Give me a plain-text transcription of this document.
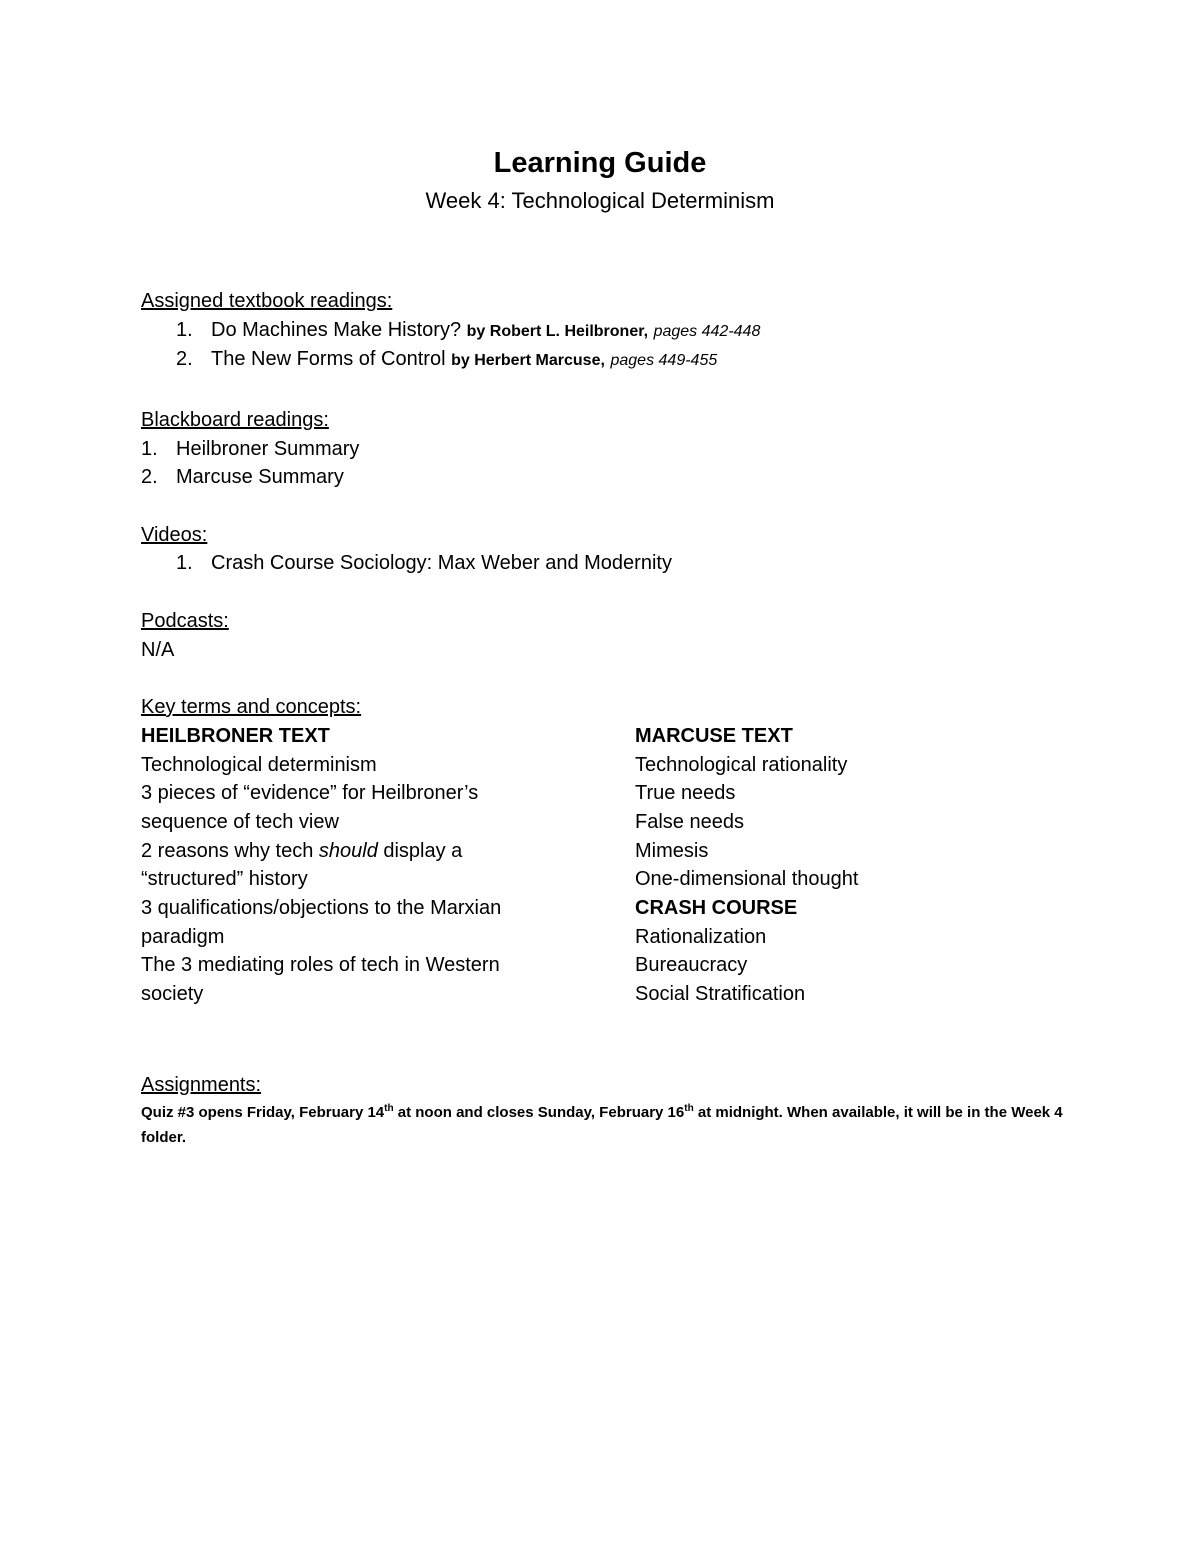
Learning Guide
Week 4: Technological Determinism
Assigned textbook readings:
1. Do Machines Make History? by Robert L. Heilbroner, pages 442-448
2. The New Forms of Control by Herbert Marcuse, pages 449-455
Blackboard readings:
1. Heilbroner Summary
2. Marcuse Summary
Videos:
1. Crash Course Sociology: Max Weber and Modernity
Podcasts:
N/A
Key terms and concepts:
HEILBRONER TEXT
Technological determinism
3 pieces of “evidence” for Heilbroner’s
sequence of tech view
2 reasons why tech should display a
“structured” history
3 qualifications/objections to the Marxian
paradigm
The 3 mediating roles of tech in Western
society
MARCUSE TEXT
Technological rationality
True needs
False needs
Mimesis
One-dimensional thought
CRASH COURSE
Rationalization
Bureaucracy
Social Stratification
Assignments:
Quiz #3 opens Friday, February 14th at noon and closes Sunday, February 16th at midnight. When available, it will be in the Week 4 folder.
